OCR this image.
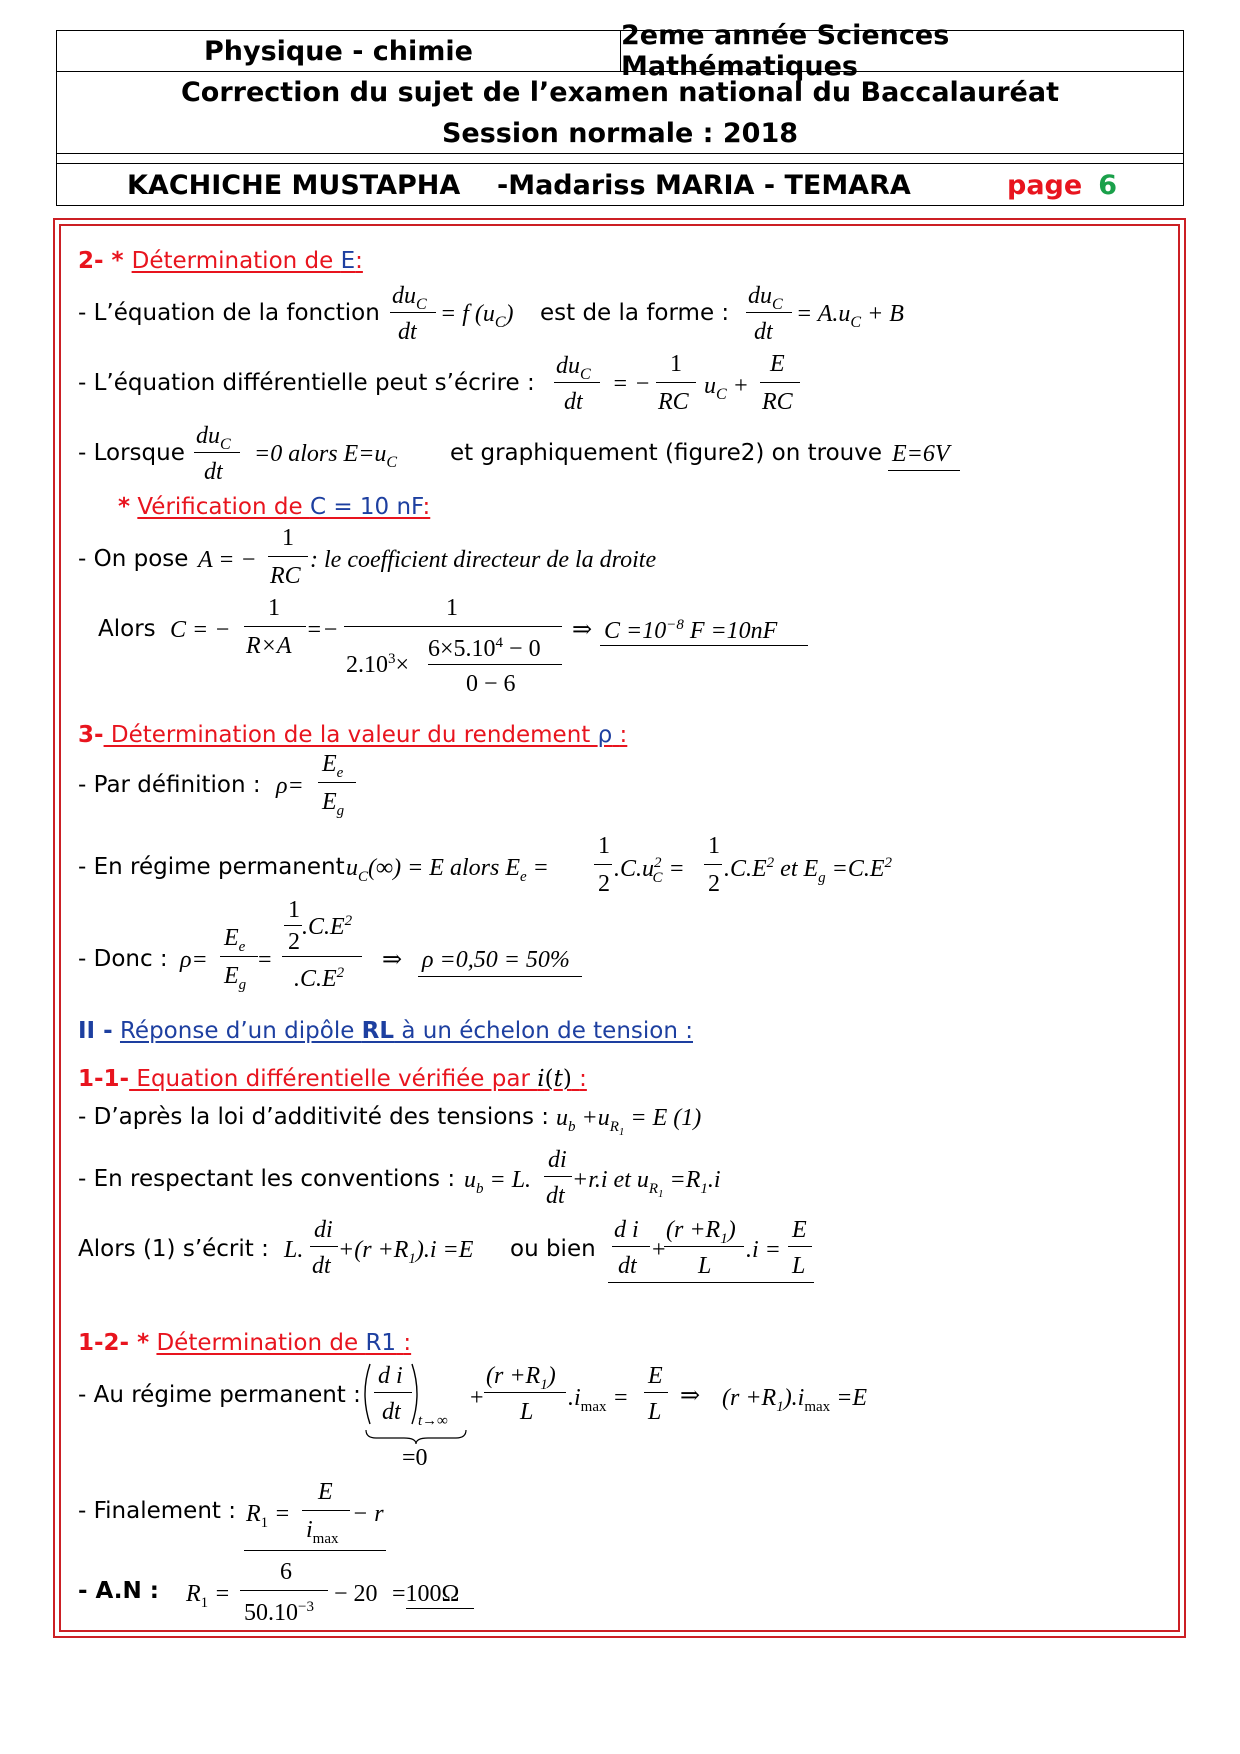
Physique - chimie	2eme année Sciences Mathématiques
Correction du sujet de l’examen national du Baccalauréat
Session normale : 2018
KACHICHE MUSTAPHA -Madariss MARIA - TEMARA	page 6
2- * Détermination de E:
- L’équation de la fonction
$du_C$
dt
= f $(u_C)$ est de la forme :
$du_C$
dt
= $A.u_C + B$
- L’équation différentielle peut s’écrire :
$du_C$
dt
= −
1
RC
$u_C$ +
E
RC
- Lorsque
$du_C$
dt
=0 alors $E=u_C$ et graphiquement (figure2) on trouve E=6V
* Vérification de C = 10 nF:
- On pose A = −
1
RC
: le coefficient directeur de la droite
Alors C = −
1
R×A
=−
1
$2.10^3\times$
$6\times 5.10^4 - 0$
0 − 6
⇒ $C =10^{-8}$ F =10nF
3- Détermination de la valeur du rendement ρ :
- Par définition : ρ=
$E_e$
$E_g$
- En régime permanent $u_C(\infty) = E$ alors $E_e$ =
1
2
$.C.u^2_C$ =
1
2
$.C.E^2$ et $E_g =C.E^2$
- Donc : ρ=
$E_e$
$E_g$
=
1
2
$.C.E^2$
$.C.E^2$ ⇒ ρ =0,50 = 50%
II - Réponse d’un dipôle RL à un échelon de tension :
1-1- Equation différentielle vérifiée par i(t) :
- D’après la loi d’additivité des tensions : $u_b +u_{R_1} = E$ (1)
- En respectant les conventions : $u_b = L$.
di
dt
+r.i et $u_{R_1} =R_1.i$
Alors (1) s’écrit : L.
di
dt
$+(r +R_1).i =E$ ou bien
d i
dt
+
$(r +R_1)$
L
.i =
E
L
1-2- * Détermination de R1 :
- Au régime permanent :
d i
dt t→∞
=0
+
$(r +R_1)$
L
$.i_{max}$ =
E
L
⇒ $(r +R_1).i_{max} =E$
- Finalement : $R_1$ =
E
$i_{max}$
− r
- A.N : $R_1$ =
6
$50.10^{-3} - 20 =100\Omega$
